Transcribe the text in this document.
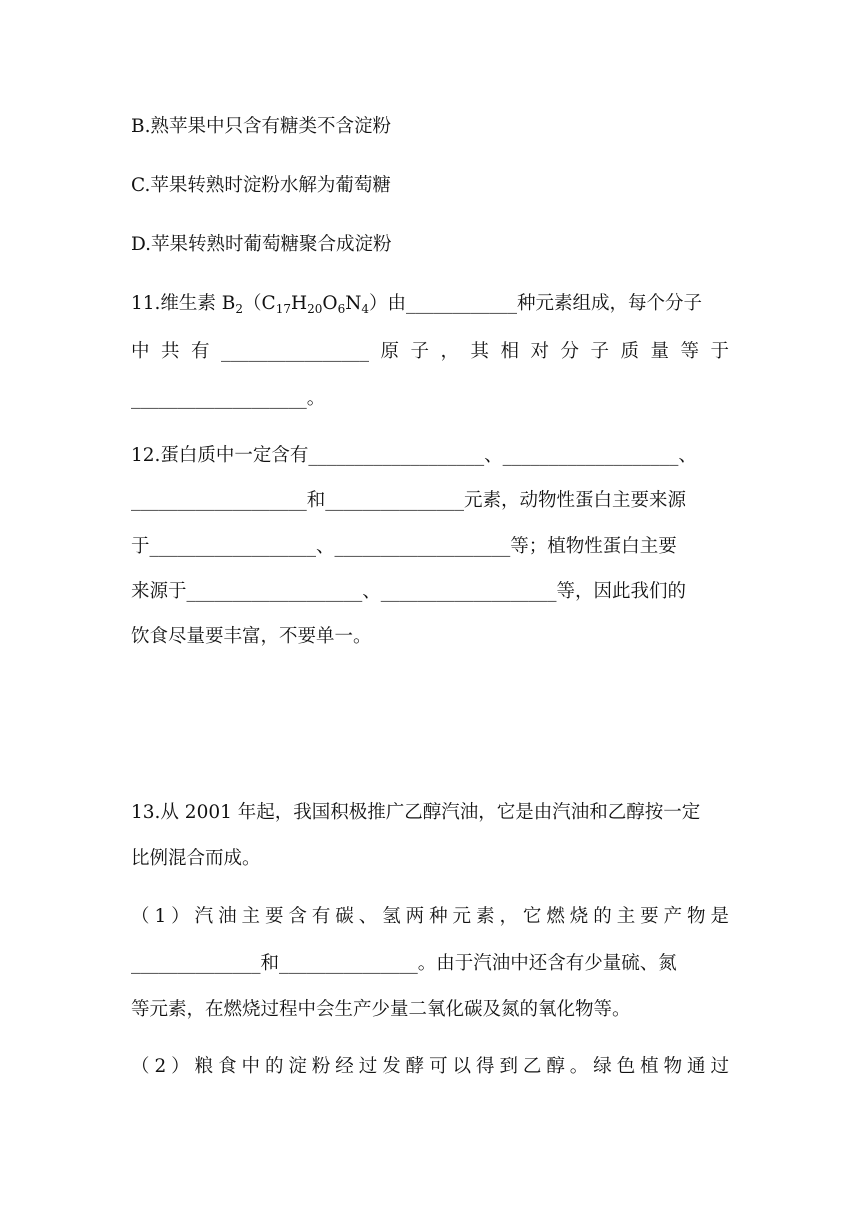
B.熟苹果中只含有糖类不含淀粉
C.苹果转熟时淀粉水解为葡萄糖
D.苹果转熟时葡萄糖聚合成淀粉
11.维生素 $B_2(C_{17}H_{20}O_6N_4)$由____________种元素组成，每个分子
中共有________________原子，其相对分子质量等于
___________________。
12.蛋白质中一定含有___________________、___________________、
___________________和_______________元素，动物性蛋白主要来源
于__________________、___________________等；植物性蛋白主要
来源于___________________、___________________等，因此我们的
饮食尽量要丰富，不要单一。
13.从 2001 年起，我国积极推广乙醇汽油，它是由汽油和乙醇按一定
比例混合而成。
（1）汽油主要含有碳、氢两种元素，它燃烧的主要产物是
______________和_______________。由于汽油中还含有少量硫、氮
等元素，在燃烧过程中会生产少量二氧化碳及氮的氧化物等。
（2）粮食中的淀粉经过发酵可以得到乙醇。绿色植物通过
